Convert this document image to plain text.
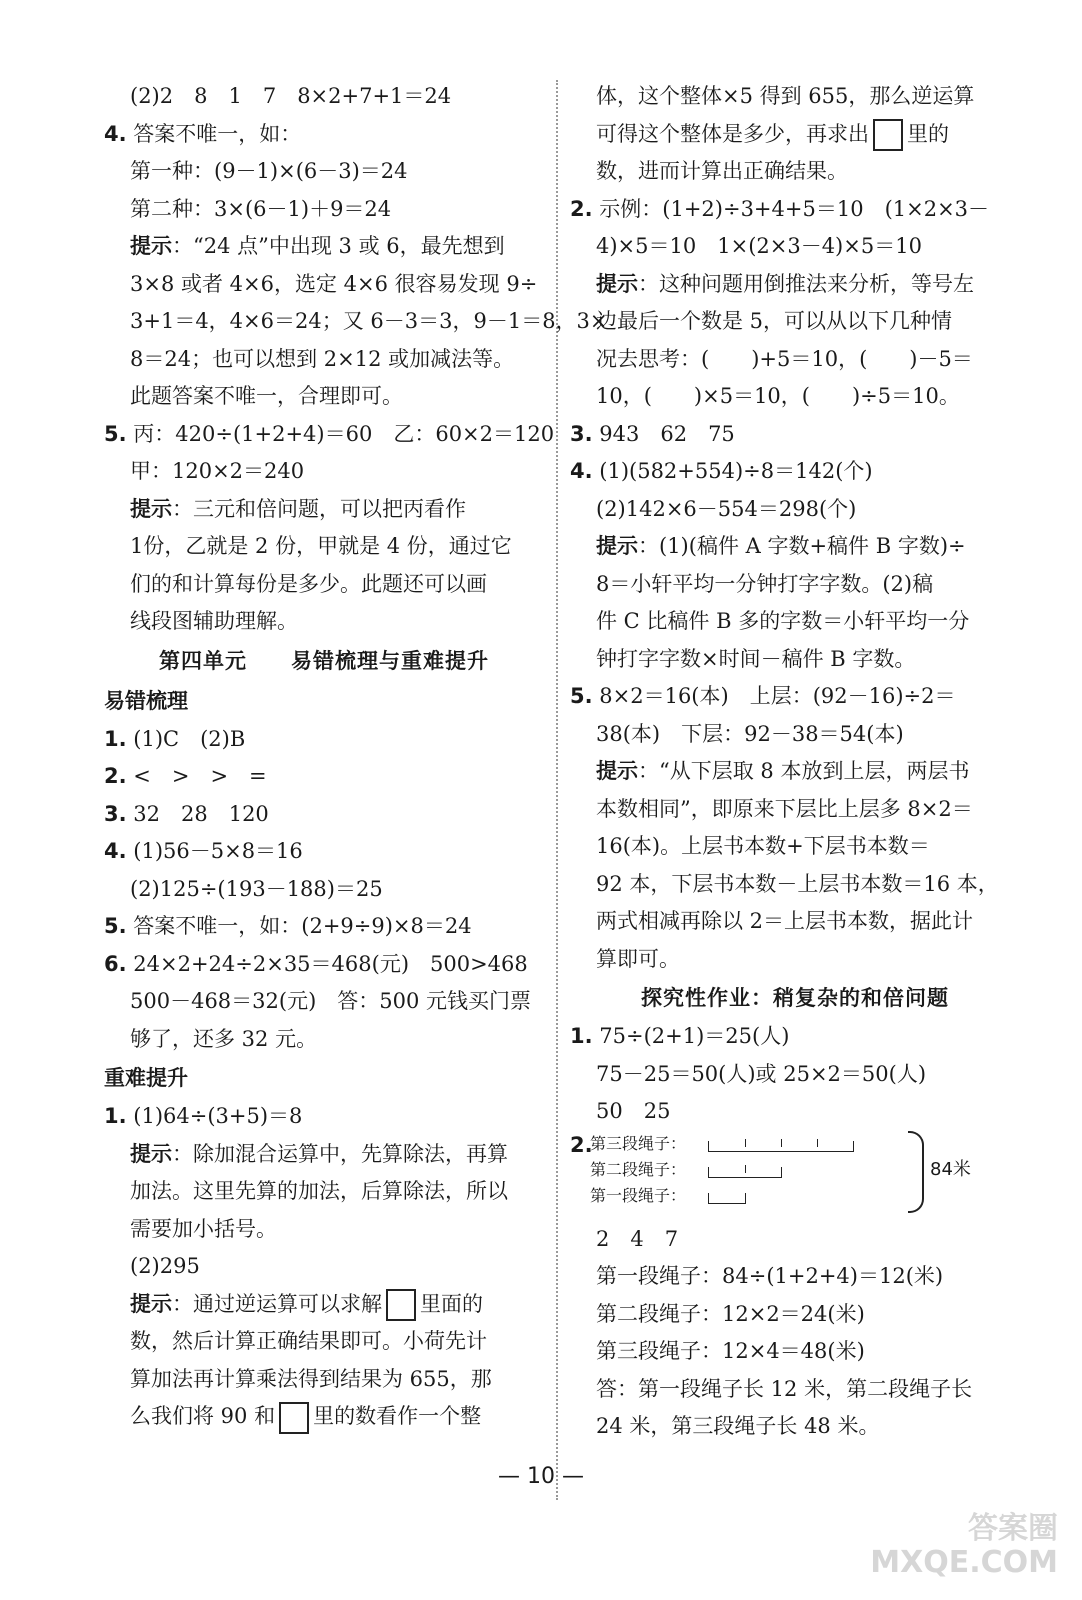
(2)2　8　1　7　8×2+7+1＝24
4. 答案不唯一，如：
第一种：(9－1)×(6－3)＝24
第二种：3×(6－1)＋9＝24
提示：“24 点”中出现 3 或 6，最先想到
3×8 或者 4×6，选定 4×6 很容易发现 9÷
3+1＝4，4×6＝24；又 6－3＝3，9－1＝8，3×
8＝24；也可以想到 2×12 或加减法等。
此题答案不唯一，合理即可。
5. 丙：420÷(1+2+4)＝60　乙：60×2＝120
甲：120×2＝240
提示：三元和倍问题，可以把丙看作
1份，乙就是 2 份，甲就是 4 份，通过它
们的和计算每份是多少。此题还可以画
线段图辅助理解。
第四单元　　易错梳理与重难提升
易错梳理
1. (1)C　(2)B
2. <　>　>　=
3. 32　28　120
4. (1)56－5×8＝16
(2)125÷(193－188)＝25
5. 答案不唯一，如：(2+9÷9)×8＝24
6. 24×2+24÷2×35＝468(元)　500>468
500－468＝32(元)　答：500 元钱买门票
够了，还多 32 元。
重难提升
1. (1)64÷(3+5)＝8
提示：除加混合运算中，先算除法，再算
加法。这里先算的加法，后算除法，所以
需要加小括号。
(2)295
提示：通过逆运算可以求解 里面的
数，然后计算正确结果即可。小荷先计
算加法再计算乘法得到结果为 655，那
么我们将 90 和 里的数看作一个整
体，这个整体×5 得到 655，那么逆运算
可得这个整体是多少，再求出 里的
数，进而计算出正确结果。
2. 示例：(1+2)÷3+4+5＝10　(1×2×3－
4)×5＝10　1×(2×3－4)×5＝10
提示：这种问题用倒推法来分析，等号左
边最后一个数是 5，可以从以下几种情
况去思考：(　　)+5＝10，(　　)－5＝
10，(　　)×5＝10，(　　)÷5＝10。
3. 943　62　75
4. (1)(582+554)÷8＝142(个)
(2)142×6－554＝298(个)
提示：(1)(稿件 A 字数+稿件 B 字数)÷
8＝小轩平均一分钟打字字数。(2)稿
件 C 比稿件 B 多的字数＝小轩平均一分
钟打字字数×时间－稿件 B 字数。
5. 8×2＝16(本)　上层：(92－16)÷2＝
38(本)　下层：92－38＝54(本)
提示：“从下层取 8 本放到上层，两层书
本数相同”，即原来下层比上层多 8×2＝
16(本)。上层书本数+下层书本数＝
92 本，下层书本数－上层书本数＝16 本，
两式相减再除以 2＝上层书本数，据此计
算即可。
探究性作业：稍复杂的和倍问题
1. 75÷(2+1)＝25(人)
75－25＝50(人)或 25×2＝50(人)
50　25
2.
第三段绳子：
第二段绳子：
第一段绳子：
84米
2　4　7
第一段绳子：84÷(1+2+4)＝12(米)
第二段绳子：12×2＝24(米)
第三段绳子：12×4＝48(米)
答：第一段绳子长 12 米，第二段绳子长
24 米，第三段绳子长 48 米。
— 10 —
答案圈
MXQE.COM
